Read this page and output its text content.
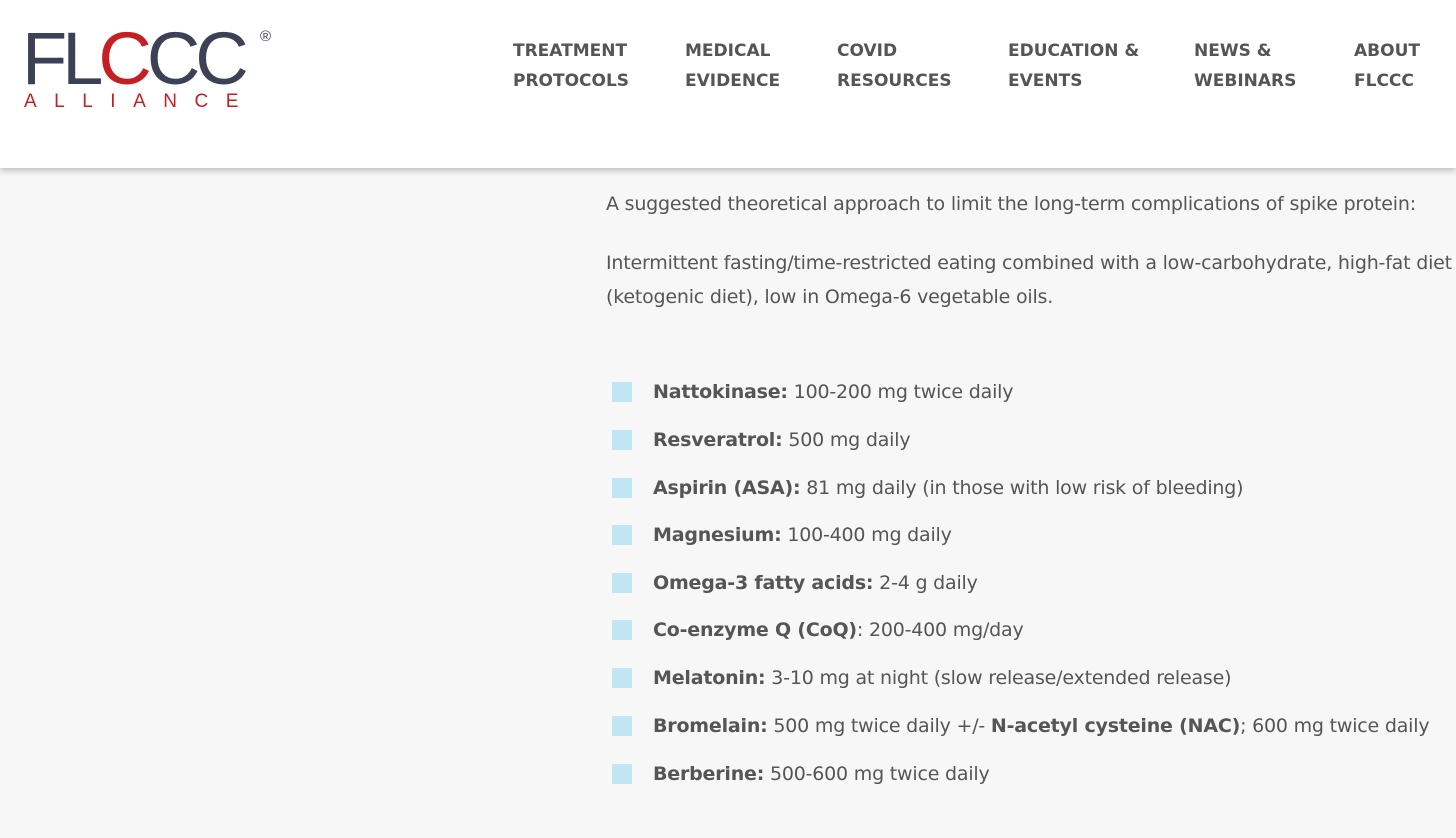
FLCCC ®
ALLIANCE
TREATMENT
PROTOCOLS
MEDICAL
EVIDENCE
COVID
RESOURCES
EDUCATION &
EVENTS
NEWS &
WEBINARS
ABOUT
FLCCC

A suggested theoretical approach to limit the long-term complications of spike protein:

Intermittent fasting/time-restricted eating combined with a low-carbohydrate, high-fat diet
(ketogenic diet), low in Omega-6 vegetable oils.

Nattokinase: 100-200 mg twice daily
Resveratrol: 500 mg daily
Aspirin (ASA): 81 mg daily (in those with low risk of bleeding)
Magnesium: 100-400 mg daily
Omega-3 fatty acids: 2-4 g daily
Co-enzyme Q (CoQ): 200-400 mg/day
Melatonin: 3-10 mg at night (slow release/extended release)
Bromelain: 500 mg twice daily +/- N-acetyl cysteine (NAC); 600 mg twice daily
Berberine: 500-600 mg twice daily
